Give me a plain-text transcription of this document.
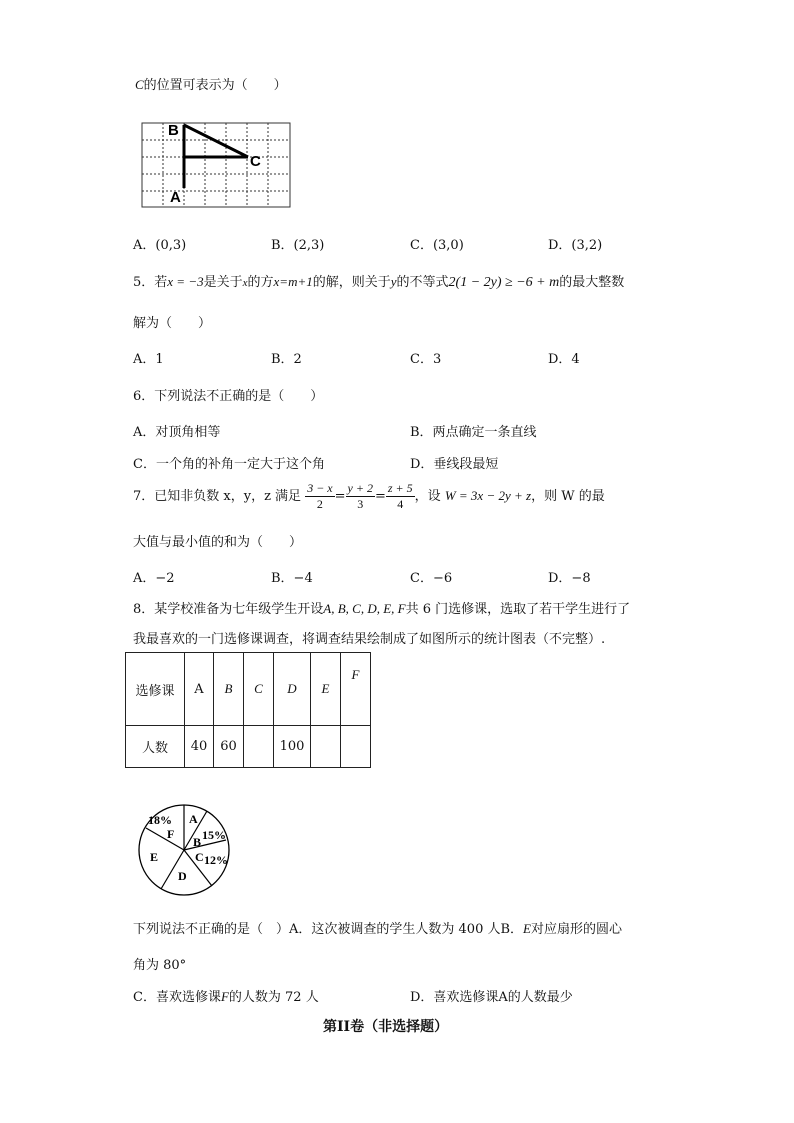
C的位置可表示为（　　）
B
C
A
A．(0,3)	B．(2,3)	C．(3,0)	D．(3,2)
5．若x = −3是关于x的方x=m+1的解，则关于y的不等式2(1 − 2y) ≥ −6 + m的最大整数
解为（　　）
A．1	B．2	C．3	D．4
6．下列说法不正确的是（　　）
A．对顶角相等	B．两点确定一条直线
C．一个角的补角一定大于这个角	D．垂线段最短
7．已知非负数 x，y，z 满足 $\frac{3 - x}{2} = \frac{y + 2}{3} = \frac{z + 5}{4}$ ，设 W = 3x − 2y + z，则 W 的最
大值与最小值的和为（　　）
A．−2	B．−4	C．−6	D．−8
8．某学校准备为七年级学生开设A, B, C, D, E, F共 6 门选修课，选取了若干学生进行了
我最喜欢的一门选修课调查，将调查结果绘制成了如图所示的统计图表（不完整）.
选修课	A	B	C	D	E	F
人数	40	60		100		
18%
F
A
15%
B
C 12%
E
D
下列说法不正确的是（　）A．这次被调查的学生人数为 400 人B．E对应扇形的圆心
角为 80°
C．喜欢选修课F的人数为 72 人	D．喜欢选修课A的人数最少
第II卷（非选择题）
